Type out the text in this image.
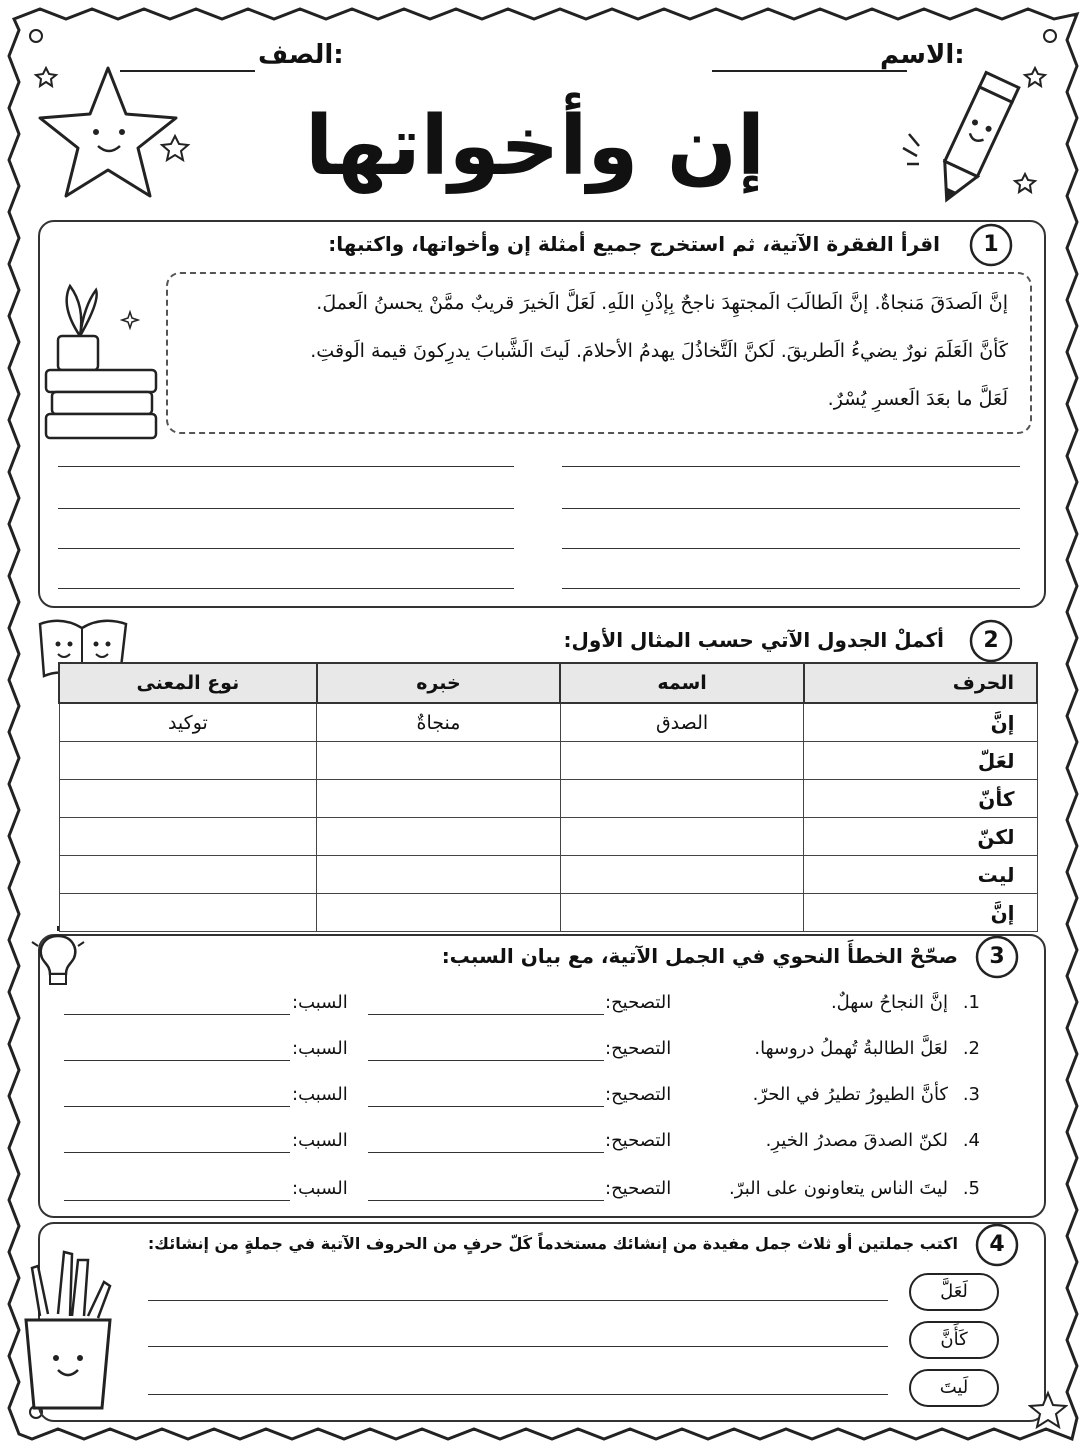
الاسم:
الصف:
إن وأخواتها
1
اقرأ الفقرة الآتية، ثم استخرج جميع أمثلة إن وأخواتها، واكتبها:
إنَّ الَصدَقَ مَنجاةٌ. إنَّ الَطالَبَ الَمجتهِدَ ناجحٌ بِإذْنِ اللَهِ. لَعَلَّ الَخيرَ قريبٌ ممَّنْ يحسنُ الَعملَ.
كَأنَّ الَعَلَمَ نورٌ يضيءُ الَطريقَ. لَكنَّ الَتَّخاذُلَ يهدمُ الأحلامَ. لَيتَ الَشَّبابَ يدرِكونَ قيمة الَوقتِ.
لَعَلَّ ما بعَدَ الَعسرِ يُسْرٌ.
2
أكملْ الجدول الآتي حسب المثال الأول:
الحرف	اسمه	خبره	نوع المعنى
إنَّ	الصدق	منجاةٌ	توكيد
لعَلّ			
كأنّ			
لكنّ			
ليت			
إنَّ			
3
صحّحْ الخطأَ النحوي في الجمل الآتية، مع بيان السبب:
.1
إنَّ النجاحُ سهلٌ.
التصحيح:
السبب:
.2
لعَلَّ الطالبةُ تُهملُ دروسها.
التصحيح:
السبب:
.3
كأنَّ الطيورُ تطيرُ في الحرّ.
التصحيح:
السبب:
.4
لكنّ الصدقَ مصدرُ الخيرِ.
التصحيح:
السبب:
.5
ليتَ الناس يتعاونون على البرّ.
التصحيح:
السبب:
4
اكتب جملتين أو ثلاث جمل مفيدة من إنشائك مستخدماً كَلّ حرفٍ من الحروف الآتية في جملةٍ من إنشائك:
لَعَلَّ
كَأَنَّ
لَيتَ
